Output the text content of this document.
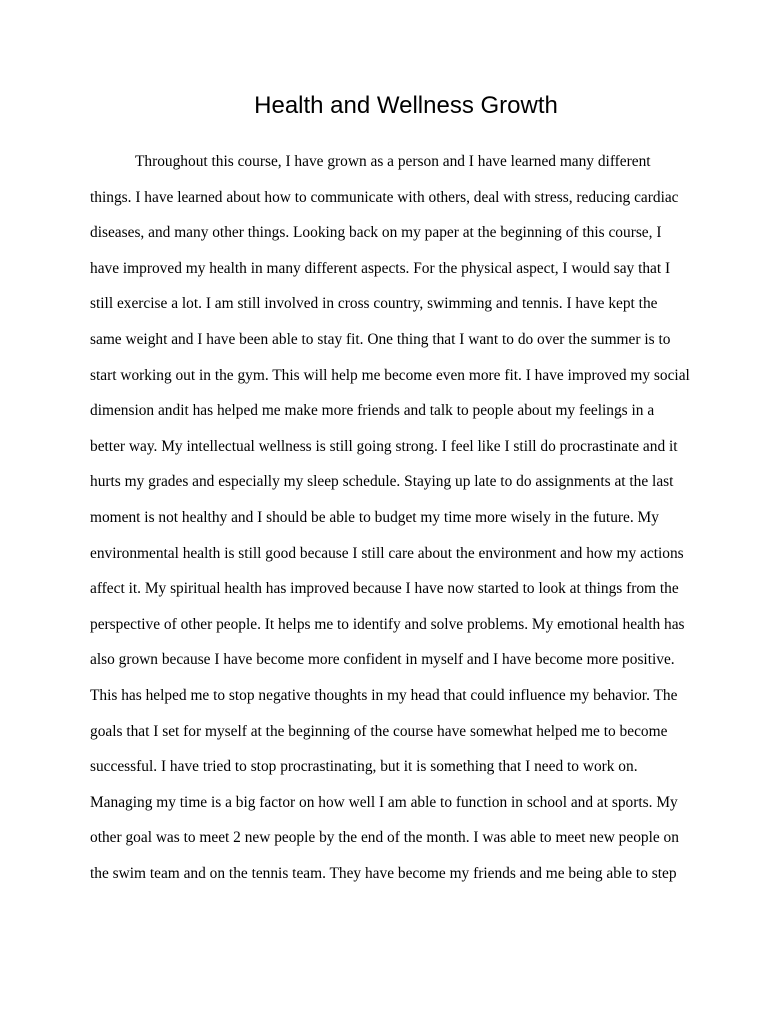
Health and Wellness Growth
Throughout this course, I have grown as a person and I have learned many different
things. I have learned about how to communicate with others, deal with stress, reducing cardiac
diseases, and many other things. Looking back on my paper at the beginning of this course, I
have improved my health in many different aspects. For the physical aspect, I would say that I
still exercise a lot. I am still involved in cross country, swimming and tennis. I have kept the
same weight and I have been able to stay fit. One thing that I want to do over the summer is to
start working out in the gym. This will help me become even more fit. I have improved my social
dimension andit has helped me make more friends and talk to people about my feelings in a
better way. My intellectual wellness is still going strong. I feel like I still do procrastinate and it
hurts my grades and especially my sleep schedule. Staying up late to do assignments at the last
moment is not healthy and I should be able to budget my time more wisely in the future. My
environmental health is still good because I still care about the environment and how my actions
affect it. My spiritual health has improved because I have now started to look at things from the
perspective of other people. It helps me to identify and solve problems. My emotional health has
also grown because I have become more confident in myself and I have become more positive.
This has helped me to stop negative thoughts in my head that could influence my behavior. The
goals that I set for myself at the beginning of the course have somewhat helped me to become
successful. I have tried to stop procrastinating, but it is something that I need to work on.
Managing my time is a big factor on how well I am able to function in school and at sports. My
other goal was to meet 2 new people by the end of the month. I was able to meet new people on
the swim team and on the tennis team. They have become my friends and me being able to step
